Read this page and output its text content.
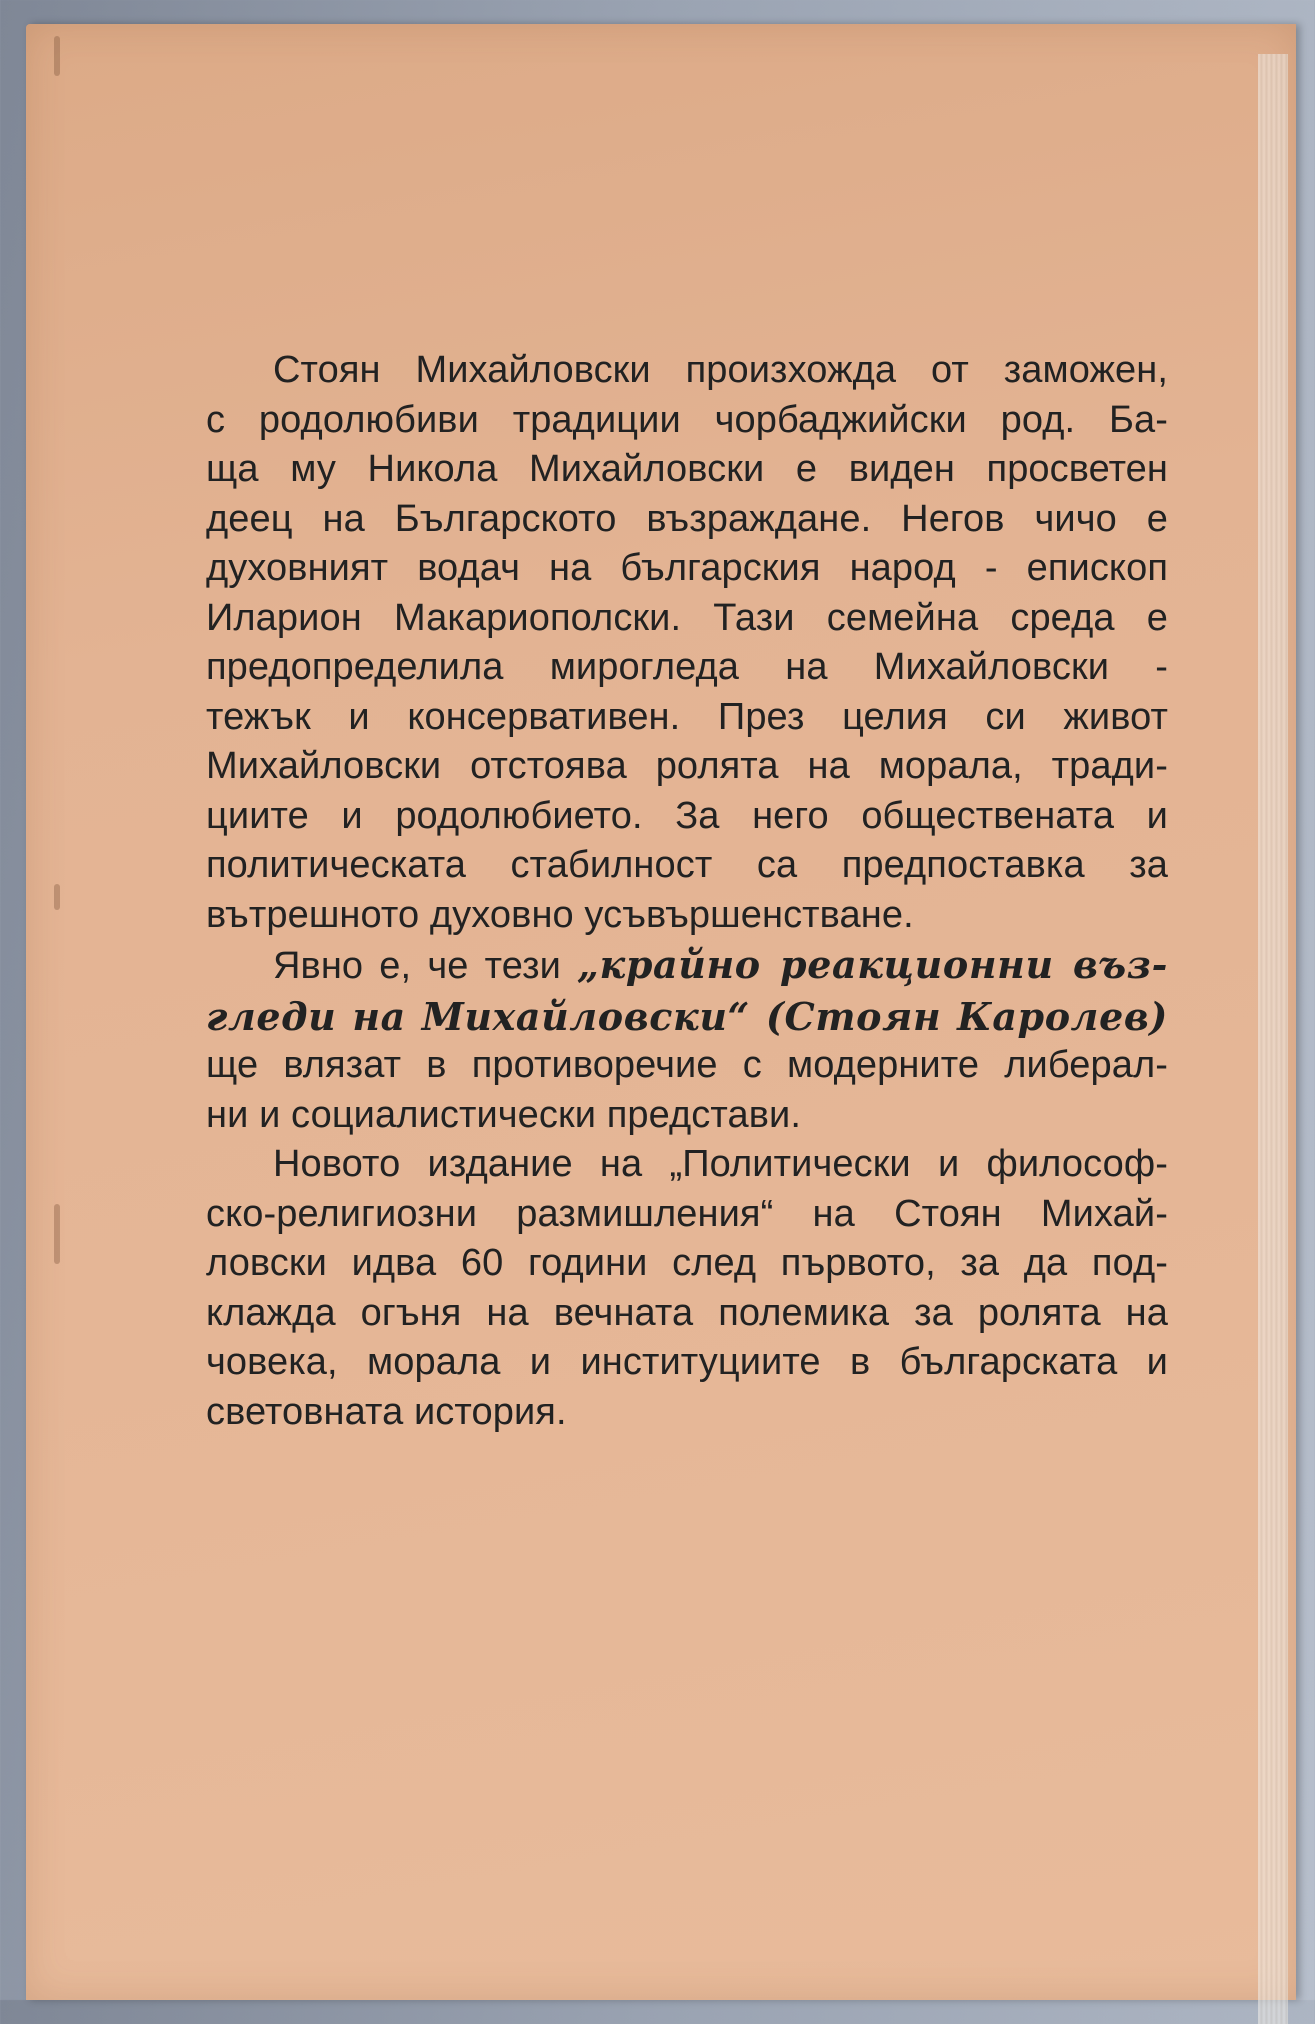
Стоян Михайловски произхожда от заможен,

с родолюбиви традиции чорбаджийски род. Ба-
ща му Никола Михайловски е виден просветен
деец на Българското възраждане. Негов чичо е
духовният водач на българския народ - епископ
Иларион Макариополски. Тази семейна среда е
предопределила мирогледа на Михайловски -
тежък и консервативен. През целия си живот
Михайловски отстоява ролята на морала, тради-
циите и родолюбието. За него обществената и
политическата стабилност са предпоставка за
вътрешното духовно усъвършенстване.

Явно е, че тези „крайно реакционни въз-

гледи на Михайловски“ (Стоян Каролев)
ще влязат в противоречие с модерните либерал-
ни и социалистически представи.

Новото издание на „Политически и философ-

ско-религиозни размишления“ на Стоян Михай-
ловски идва 60 години след първото, за да под-
клажда огъня на вечната полемика за ролята на
човека, морала и институциите в българската и
световната история.
